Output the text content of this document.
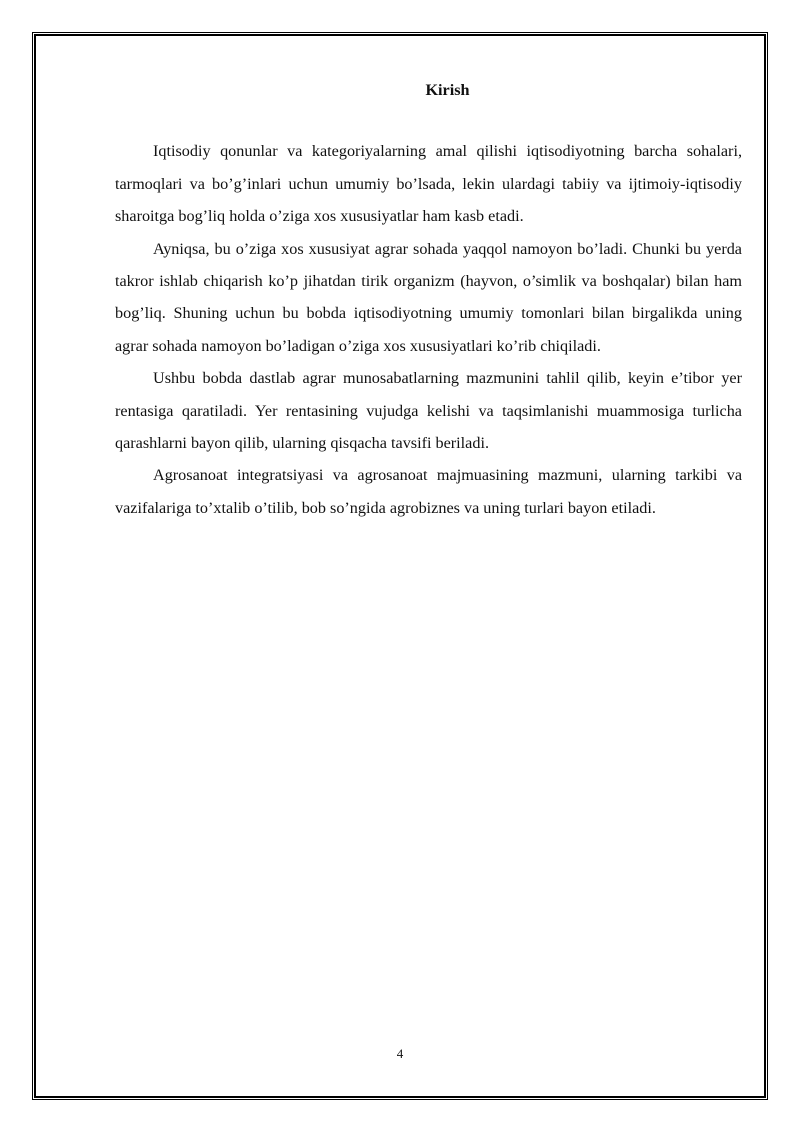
Kirish

Iqtisodiy qonunlar va kategoriyalarning amal qilishi iqtisodiyotning barcha sohalari, tarmoqlari va bo’g’inlari uchun umumiy bo’lsada, lekin ulardagi tabiiy va ijtimoiy-iqtisodiy sharoitga bog’liq holda o’ziga xos xususiyatlar ham kasb etadi.

Ayniqsa, bu o’ziga xos xususiyat agrar sohada yaqqol namoyon bo’ladi. Chunki bu yerda takror ishlab chiqarish ko’p jihatdan tirik organizm (hayvon, o’simlik va boshqalar) bilan ham bog’liq. Shuning uchun bu bobda iqtisodiyotning umumiy tomonlari bilan birgalikda uning agrar sohada namoyon bo’ladigan o’ziga xos xususiyatlari ko’rib chiqiladi.

Ushbu bobda dastlab agrar munosabatlarning mazmunini tahlil qilib, keyin e’tibor yer rentasiga qaratiladi. Yer rentasining vujudga kelishi va taqsimlanishi muammosiga turlicha qarashlarni bayon qilib, ularning qisqacha tavsifi beriladi.

Agrosanoat integratsiyasi va agrosanoat majmuasining mazmuni, ularning tarkibi va vazifalariga to’xtalib o’tilib, bob so’ngida agrobiznes va uning turlari bayon etiladi.

4
